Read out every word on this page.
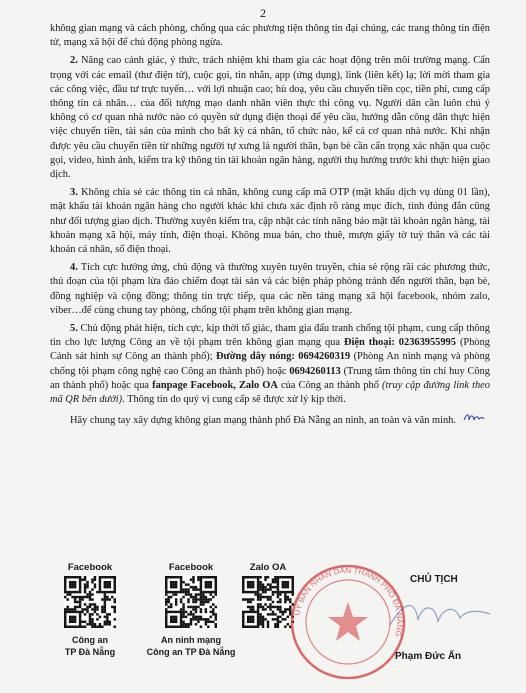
2

không gian mạng và cách phòng, chống qua các phương tiện thông tin đại chúng, các trang thông tin điện tử, mạng xã hội để chủ động phòng ngừa.

2. Nâng cao cảnh giác, ý thức, trách nhiệm khi tham gia các hoạt động trên môi trường mạng. Cẩn trọng với các email (thư điện tử), cuộc gọi, tin nhắn, app (ứng dụng), link (liên kết) lạ; lời mời tham gia các công việc, đầu tư trực tuyến… với lợi nhuận cao; hù doạ, yêu cầu chuyển tiền cọc, tiền phí, cung cấp thông tin cá nhân… của đối tượng mạo danh nhân viên thực thi công vụ. Người dân cần luôn chú ý không có cơ quan nhà nước nào có quyền sử dụng điện thoại để yêu cầu, hướng dẫn công dân thực hiện việc chuyển tiền, tài sản của mình cho bất kỳ cá nhân, tổ chức nào, kể cả cơ quan nhà nước. Khi nhận được yêu cầu chuyển tiền từ những người tự xưng là người thân, bạn bè cần cẩn trọng xác nhận qua cuộc gọi, video, hình ảnh, kiểm tra kỹ thông tin tài khoản ngân hàng, người thụ hưởng trước khi thực hiện giao dịch.

3. Không chia sẻ các thông tin cá nhân, không cung cấp mã OTP (mật khẩu dịch vụ dùng 01 lần), mật khẩu tài khoản ngân hàng cho người khác khi chưa xác định rõ ràng mục đích, tính đúng đắn cũng như đối tượng giao dịch. Thường xuyên kiểm tra, cập nhật các tính năng bảo mật tài khoản ngân hàng, tài khoản mạng xã hội, máy tính, điện thoại. Không mua bán, cho thuê, mượn giấy tờ tuỳ thân và các tài khoản cá nhân, số điện thoại.

4. Tích cực hưởng ứng, chủ động và thường xuyên tuyên truyền, chia sẻ rộng rãi các phương thức, thủ đoạn của tội phạm lừa đảo chiếm đoạt tài sản và các biện pháp phòng tránh đến người thân, bạn bè, đồng nghiệp và cộng đồng; thông tin trực tiếp, qua các nền tảng mạng xã hội facebook, nhóm zalo, viber…để cùng chung tay phòng, chống tội phạm trên không gian mạng.

5. Chủ động phát hiện, tích cực, kịp thời tố giác, tham gia đấu tranh chống tội phạm, cung cấp thông tin cho lực lượng Công an về tội phạm trên không gian mạng qua Điện thoại: 02363955995 (Phòng Cảnh sát hình sự Công an thành phố); Đường dây nóng: 0694260319 (Phòng An ninh mạng và phòng chống tội phạm công nghệ cao Công an thành phố) hoặc 0694260113 (Trung tâm thông tin chỉ huy Công an thành phố) hoặc qua fanpage Facebook, Zalo OA của Công an thành phố (truy cập đường link theo mã QR bên dưới). Thông tin do quý vị cung cấp sẽ được xử lý kịp thời.

Hãy chung tay xây dựng không gian mạng thành phố Đà Nẵng an ninh, an toàn và văn minh.

Facebook
Công an
TP Đà Nẵng
Facebook
An ninh mạng
Công an TP Đà Nẵng
Zalo OA
ỦY BAN NHÂN DÂN THÀNH PHỐ ĐÀ NẴNG
CHỦ TỊCH
Phạm Đức Ấn
